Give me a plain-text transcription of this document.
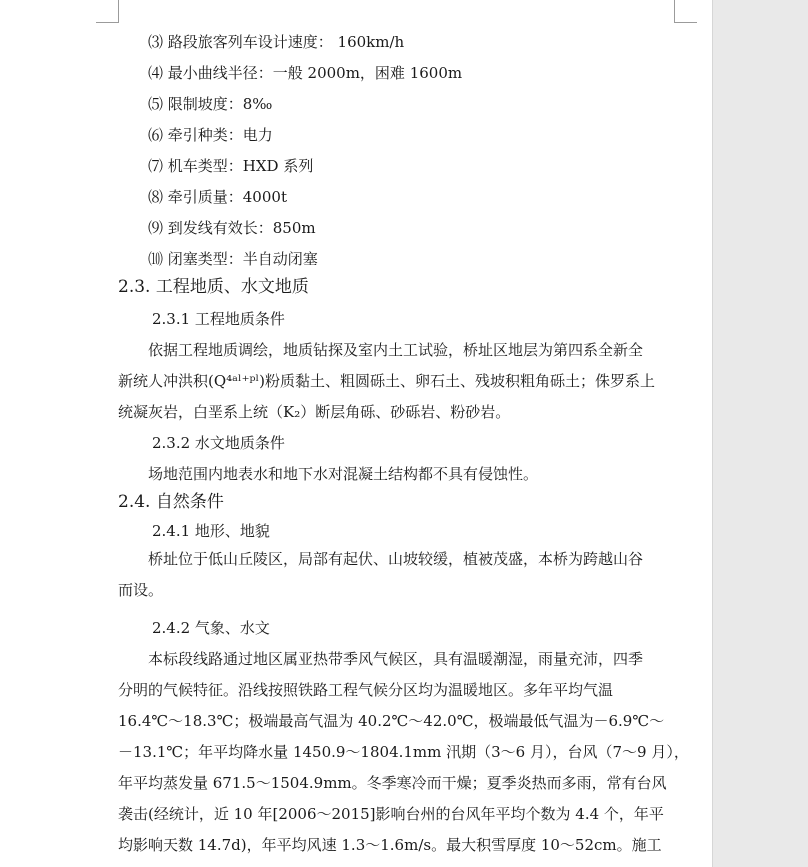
⑶ 路段旅客列车设计速度： 160km/h
⑷ 最小曲线半径：一般 2000m，困难 1600m
⑸ 限制坡度：8‰
⑹ 牵引种类：电力
⑺ 机车类型：HXD 系列
⑻ 牵引质量：4000t
⑼ 到发线有效长：850m
⑽ 闭塞类型：半自动闭塞
2.3. 工程地质、水文地质
2.3.1 工程地质条件
依据工程地质调绘，地质钻探及室内土工试验，桥址区地层为第四系全新全
新统人冲洪积(Q⁴ᵃˡ⁺ᵖˡ)粉质黏土、粗圆砾土、卵石土、残坡积粗角砾土；侏罗系上
统凝灰岩，白垩系上统（K₂）断层角砾、砂砾岩、粉砂岩。
2.3.2 水文地质条件
场地范围内地表水和地下水对混凝土结构都不具有侵蚀性。
2.4. 自然条件
2.4.1 地形、地貌
桥址位于低山丘陵区，局部有起伏、山坡较缓，植被茂盛，本桥为跨越山谷
而设。
2.4.2 气象、水文
本标段线路通过地区属亚热带季风气候区，具有温暖潮湿，雨量充沛，四季
分明的气候特征。沿线按照铁路工程气候分区均为温暖地区。多年平均气温
16.4℃～18.3℃；极端最高气温为 40.2℃～42.0℃，极端最低气温为－6.9℃～
－13.1℃；年平均降水量 1450.9～1804.1mm 汛期（3～6 月），台风（7～9 月），
年平均蒸发量 671.5～1504.9mm。冬季寒冷而干燥；夏季炎热而多雨，常有台风
袭击(经统计，近 10 年[2006～2015]影响台州的台风年平均个数为 4.4 个，年平
均影响天数 14.7d)，年平均风速 1.3～1.6m/s。最大积雪厚度 10～52cm。施工
